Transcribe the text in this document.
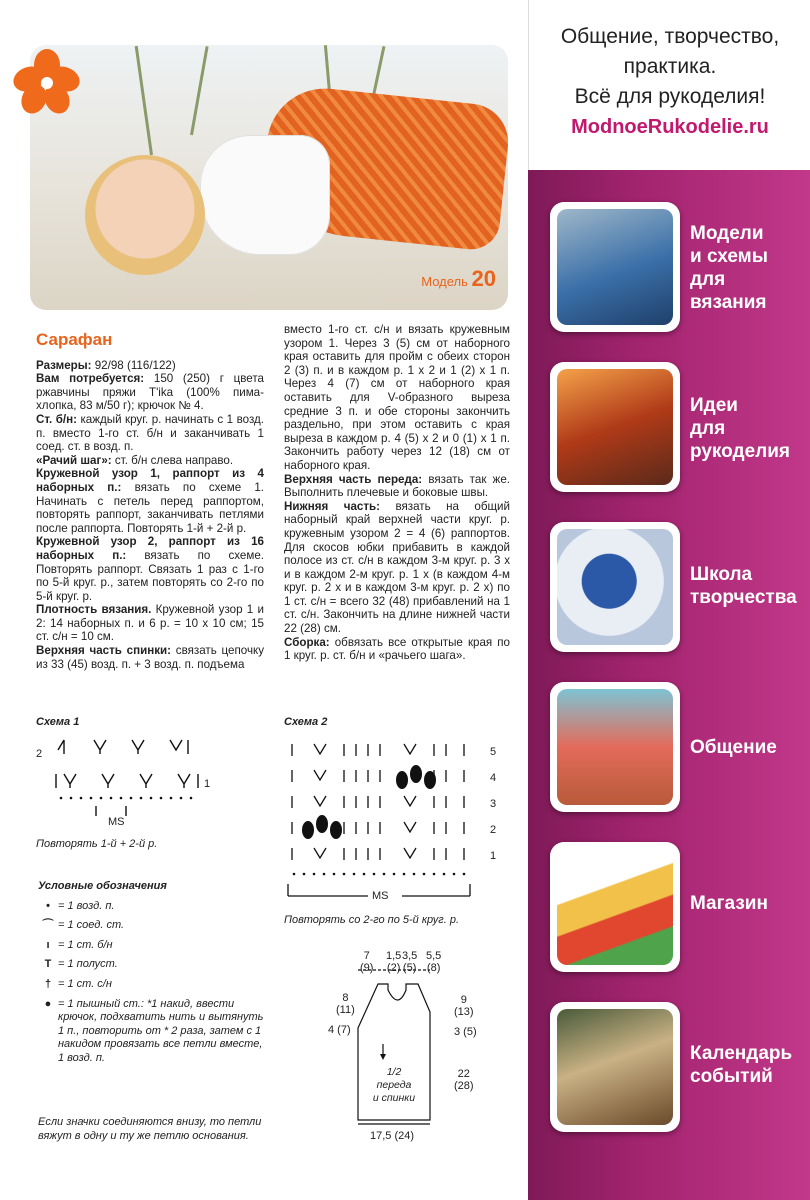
Модель 20
Сарафан

Размеры: 92/98 (116/122)

Вам потребуется: 150 (250) г цвета ржавчины пряжи T'ika (100% пима-хлопка, 83 м/50 г); крючок № 4.

Ст. б/н: каждый круг. р. начинать с 1 возд. п. вместо 1-го ст. б/н и заканчивать 1 соед. ст. в возд. п.

«Рачий шаг»: ст. б/н слева направо.

Кружевной узор 1, раппорт из 4 наборных п.: вязать по схеме 1. Начинать с петель перед раппортом, повторять раппорт, заканчивать петлями после раппорта. Повторять 1-й + 2-й р.

Кружевной узор 2, раппорт из 16 наборных п.: вязать по схеме. Повторять раппорт. Связать 1 раз с 1-го по 5-й круг. р., затем повторять со 2-го по 5-й круг. р.

Плотность вязания. Кружевной узор 1 и 2: 14 наборных п. и 6 р. = 10 х 10 см; 15 ст. с/н = 10 см.

Верхняя часть спинки: связать цепочку из 33 (45) возд. п. + 3 возд. п. подъема

вместо 1-го ст. с/н и вязать кружевным узором 1. Через 3 (5) см от наборного края оставить для пройм с обеих сторон 2 (3) п. и в каждом р. 1 х 2 и 1 (2) х 1 п. Через 4 (7) см от наборного края оставить для V-образного выреза средние 3 п. и обе стороны закончить раздельно, при этом оставить с края выреза в каждом р. 4 (5) х 2 и 0 (1) х 1 п. Закончить работу через 12 (18) см от наборного края.

Верхняя часть переда: вязать так же. Выполнить плечевые и боковые швы.

Нижняя часть: вязать на общий наборный край верхней части круг. р. кружевным узором 2 = 4 (6) раппортов. Для скосов юбки прибавить в каждой полосе из ст. с/н в каждом 3-м круг. р. 3 х и в каждом 2-м круг. р. 1 х (в каждом 4-м круг. р. 2 х и в каждом 3-м круг. р. 2 х) по 1 ст. с/н = всего 32 (48) прибавлений на 1 ст. с/н. Закончить на длине нижней части 22 (28) см.

Сборка: обвязать все открытые края по 1 круг. р. ст. б/н и «рачьего шага».

Схема 1
2
1
MS
Повторять 1-й + 2-й р.
Схема 2
5
4
3
2
1
MS
Повторять со 2-го по 5-й круг. р.
Условные обозначения
• = 1 возд. п.
⌒ = 1 соед. ст.
ı = 1 ст. б/н
T = 1 полуст.
† = 1 ст. с/н
● = 1 пышный ст.: *1 накид, ввести крючок, подхватить нить и вытянуть 1 п., повторить от * 2 раза, затем с 1 накидом провязать все петли вместе, 1 возд. п.
Если значки соединяются внизу, то петли вяжут в одну и ту же петлю основания.
7
(9)
1,5
(2)
3,5
(5)
5,5
(8)
8
(11)
4 (7)
9
(13)
3 (5)
22
(28)
1/2
переда
и спинки
17,5 (24)
Общение, творчество,
практика.
Всё для рукоделия!
ModnoeRukodelie.ru
Модели
и схемы
для
вязания
Идеи
для
рукоделия
Школа
творчества
Общение
Магазин
Календарь
событий
